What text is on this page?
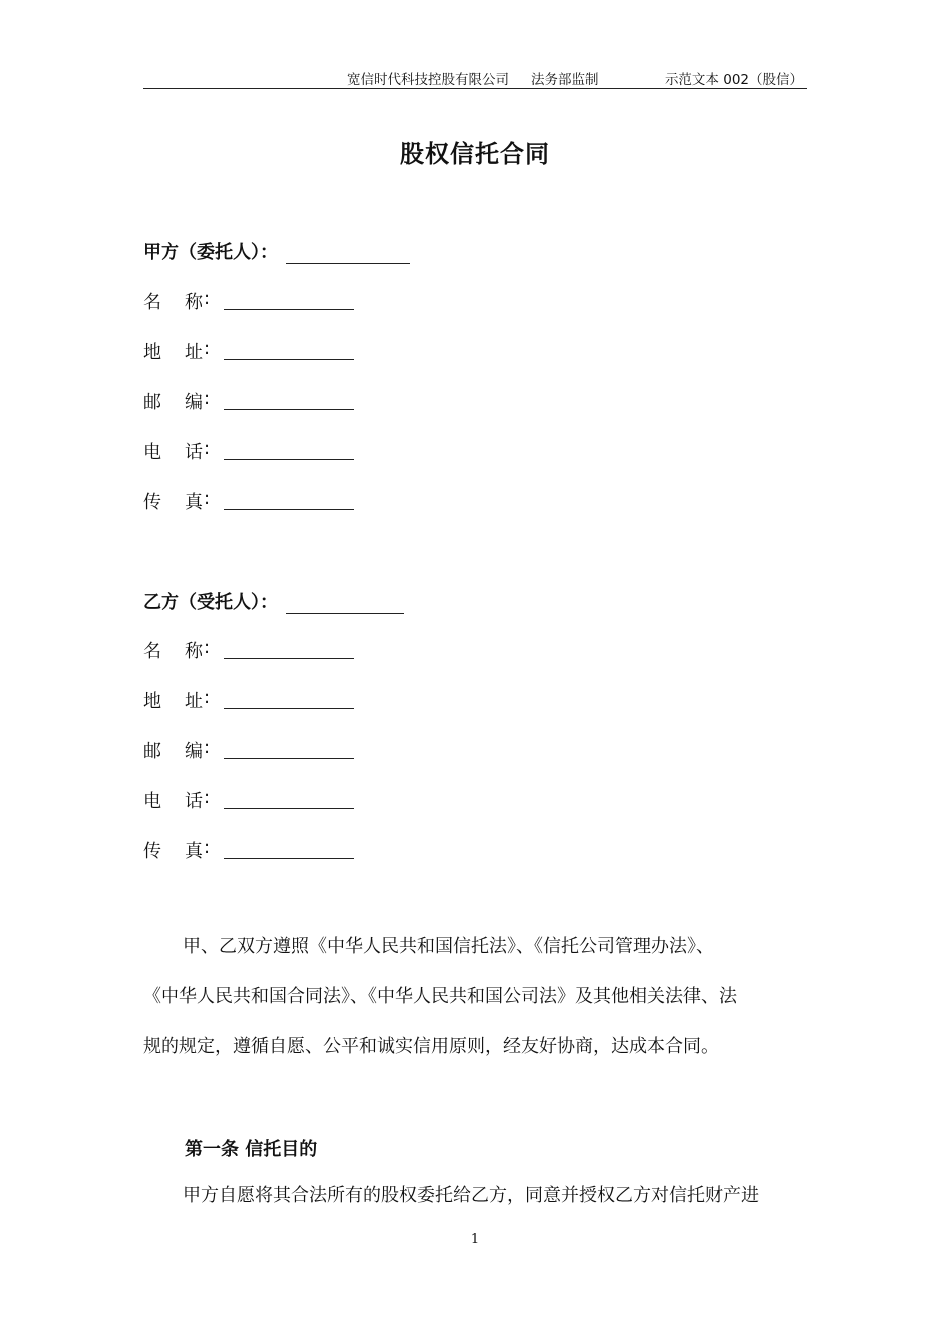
宽信时代科技控股有限公司 法务部监制	示范文本 002（股信）
股权信托合同
甲方（委托人）：
名 称 :
地 址 :
邮 编 :
电 话 :
传 真 :
乙方（受托人）：
名 称 :
地 址 :
邮 编 :
电 话 :
传 真 :
甲、乙双方遵照《中华人民共和国信托法》、《信托公司管理办法》、
《中华人民共和国合同法》、《中华人民共和国公司法》及其他相关法律、法
规的规定，遵循自愿、公平和诚实信用原则，经友好协商，达成本合同。
第一条 信托目的
甲方自愿将其合法所有的股权委托给乙方，同意并授权乙方对信托财产进
1
